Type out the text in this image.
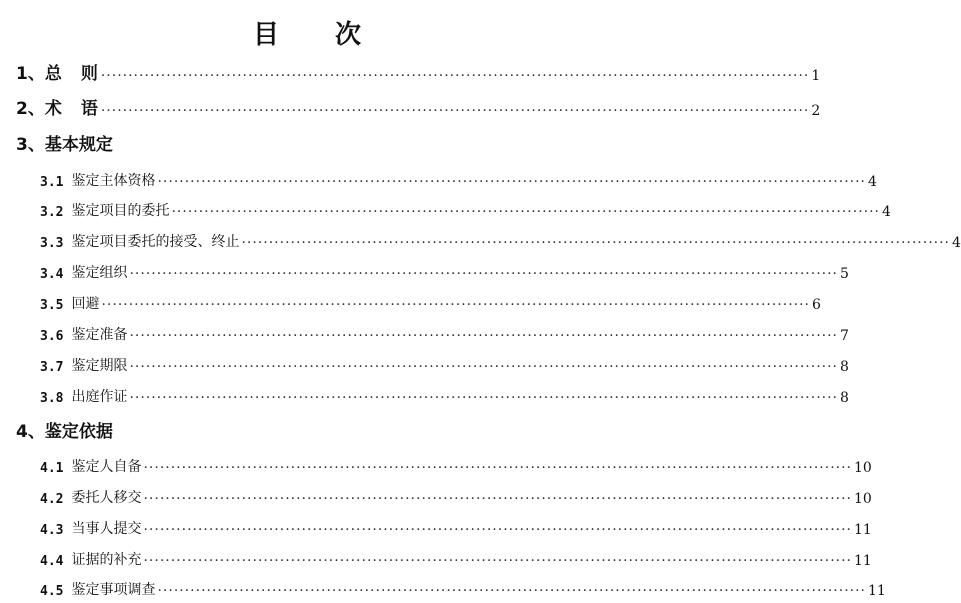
目 次
1、 总　则 ·································································································································· 1
2、 术　语 ·································································································································· 2
3、 基本规定
3.1 鉴定主体资格 ·································································································································· 4
3.2 鉴定项目的委托 ·································································································································· 4
3.3 鉴定项目委托的接受、终止 ·································································································································· 4
3.4 鉴定组织 ·································································································································· 5
3.5 回避 ·································································································································· 6
3.6 鉴定准备 ·································································································································· 7
3.7 鉴定期限 ·································································································································· 8
3.8 出庭作证 ·································································································································· 8
4、 鉴定依据
4.1 鉴定人自备 ·································································································································· 10
4.2 委托人移交 ·································································································································· 10
4.3 当事人提交 ·································································································································· 11
4.4 证据的补充 ·································································································································· 11
4.5 鉴定事项调查 ·································································································································· 11
